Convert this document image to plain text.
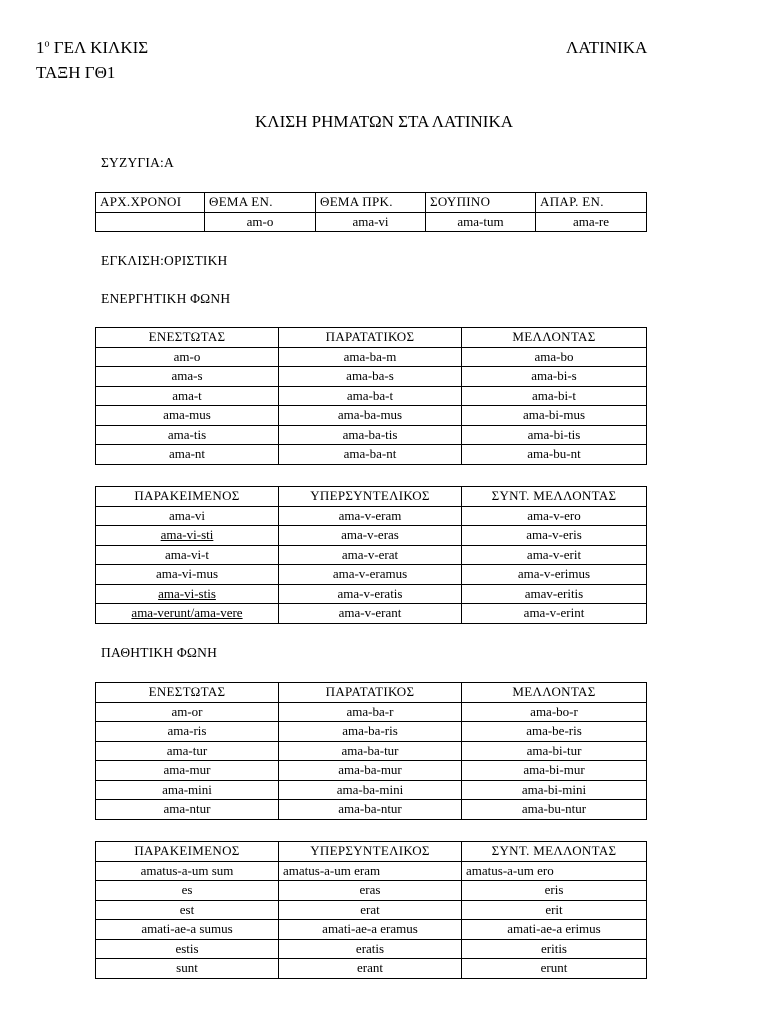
$1^o$ ΓΕΛ ΚΙΛΚΙΣ
ΤΑΞΗ ΓΘ1
ΛΑΤΙΝΙΚΑ
ΚΛΙΣΗ ΡΗΜΑΤΩΝ ΣΤΑ ΛΑΤΙΝΙΚΑ
ΣΥΖΥΓΙΑ:Α
ΑΡΧ.ΧΡΟΝΟΙ	ΘΕΜΑ ΕΝ.	ΘΕΜΑ ΠΡΚ.	ΣΟΥΠΙΝΟ	ΑΠΑΡ. ΕΝ.
	am-o	ama-vi	ama-tum	ama-re
ΕΓΚΛΙΣΗ:ΟΡΙΣΤΙΚΗ
ΕΝΕΡΓΗΤΙΚΗ ΦΩΝΗ
ΕΝΕΣΤΩΤΑΣ	ΠΑΡΑΤΑΤΙΚΟΣ	ΜΕΛΛΟΝΤΑΣ
am-o	ama-ba-m	ama-bo
ama-s	ama-ba-s	ama-bi-s
ama-t	ama-ba-t	ama-bi-t
ama-mus	ama-ba-mus	ama-bi-mus
ama-tis	ama-ba-tis	ama-bi-tis
ama-nt	ama-ba-nt	ama-bu-nt
ΠΑΡΑΚΕΙΜΕΝΟΣ	ΥΠΕΡΣΥΝΤΕΛΙΚΟΣ	ΣΥΝΤ. ΜΕΛΛΟΝΤΑΣ
ama-vi	ama-v-eram	ama-v-ero
ama-vi-sti	ama-v-eras	ama-v-eris
ama-vi-t	ama-v-erat	ama-v-erit
ama-vi-mus	ama-v-eramus	ama-v-erimus
ama-vi-stis	ama-v-eratis	amav-eritis
ama-verunt/ama-vere	ama-v-erant	ama-v-erint
ΠΑΘΗΤΙΚΗ ΦΩΝΗ
ΕΝΕΣΤΩΤΑΣ	ΠΑΡΑΤΑΤΙΚΟΣ	ΜΕΛΛΟΝΤΑΣ
am-or	ama-ba-r	ama-bo-r
ama-ris	ama-ba-ris	ama-be-ris
ama-tur	ama-ba-tur	ama-bi-tur
ama-mur	ama-ba-mur	ama-bi-mur
ama-mini	ama-ba-mini	ama-bi-mini
ama-ntur	ama-ba-ntur	ama-bu-ntur
ΠΑΡΑΚΕΙΜΕΝΟΣ	ΥΠΕΡΣΥΝΤΕΛΙΚΟΣ	ΣΥΝΤ. ΜΕΛΛΟΝΤΑΣ
amatus-a-um sum	amatus-a-um eram	amatus-a-um ero
es	eras	eris
est	erat	erit
amati-ae-a sumus	amati-ae-a eramus	amati-ae-a erimus
estis	eratis	eritis
sunt	erant	erunt
